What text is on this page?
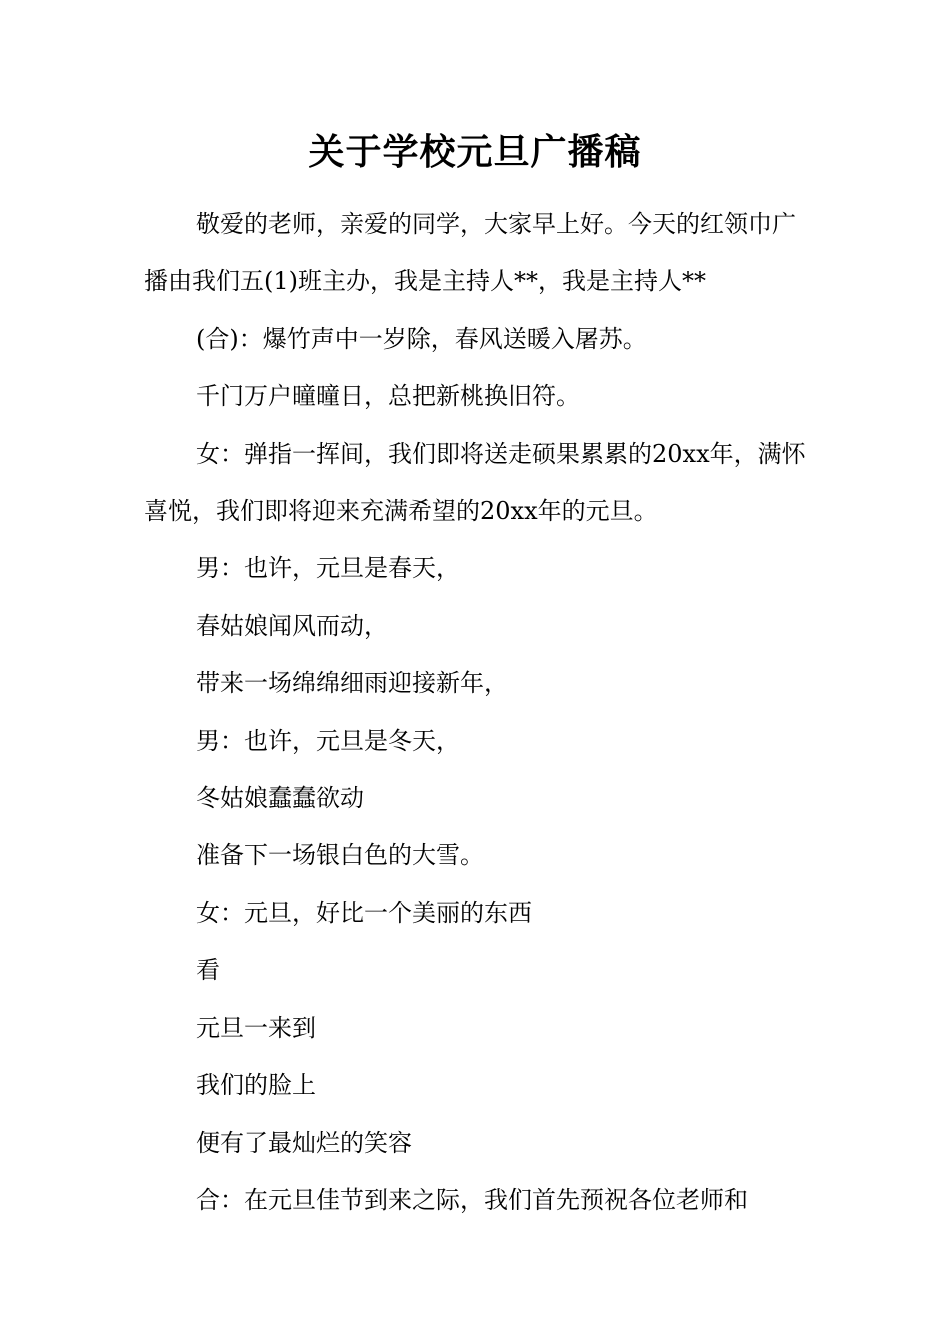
关于学校元旦广播稿

敬爱的老师，亲爱的同学，大家早上好。今天的红领巾广播由我们五(1)班主办，我是主持人**，我是主持人**

(合)：爆竹声中一岁除，春风送暖入屠苏。

千门万户曈曈日，总把新桃换旧符。

女：弹指一挥间，我们即将送走硕果累累的20xx年，满怀喜悦，我们即将迎来充满希望的20xx年的元旦。

男：也许，元旦是春天，

春姑娘闻风而动，

带来一场绵绵细雨迎接新年，

男：也许，元旦是冬天，

冬姑娘蠢蠢欲动

准备下一场银白色的大雪。

女：元旦，好比一个美丽的东西

看

元旦一来到

我们的脸上

便有了最灿烂的笑容

合：在元旦佳节到来之际，我们首先预祝各位老师和
